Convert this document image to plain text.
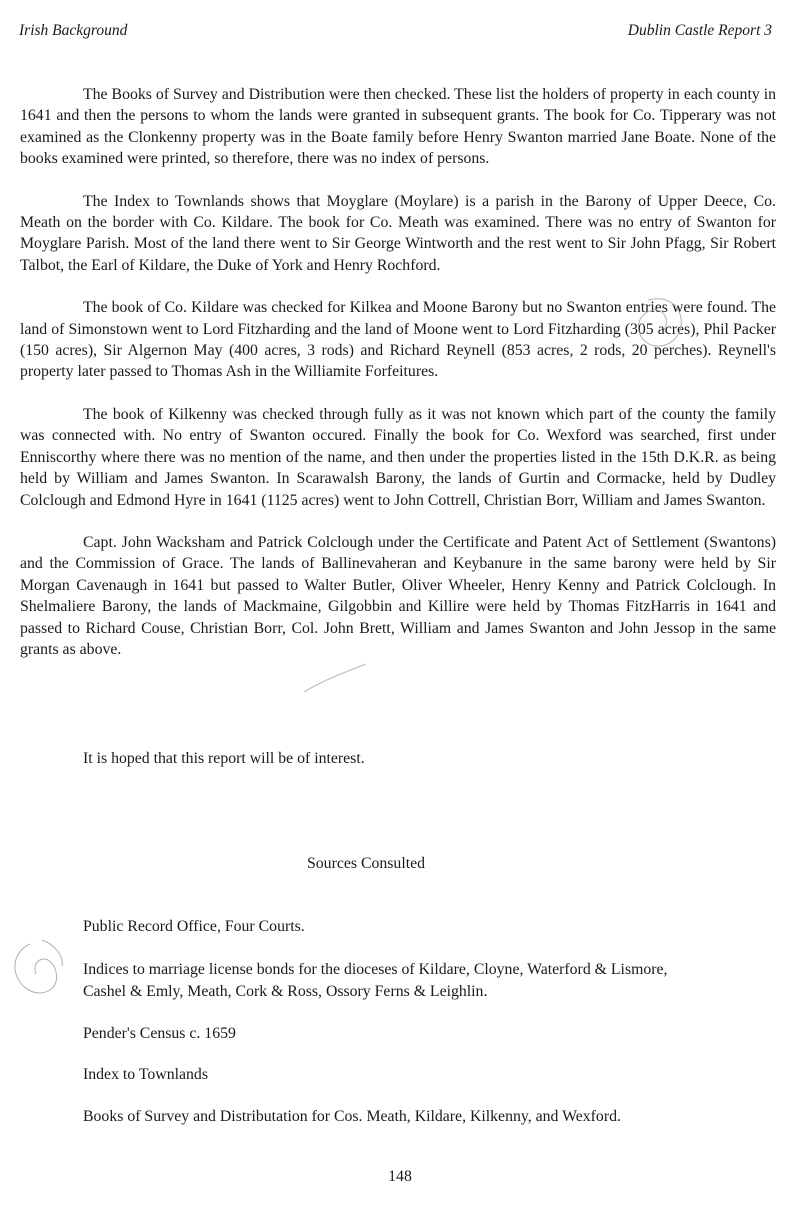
Irish Background	Dublin Castle Report 3

The Books of Survey and Distribution were then checked. These list the holders of property in each county in 1641 and then the persons to whom the lands were granted in subsequent grants. The book for Co. Tipperary was not examined as the Clonkenny property was in the Boate family before Henry Swanton married Jane Boate. None of the books examined were printed, so therefore, there was no index of persons.

The Index to Townlands shows that Moyglare (Moylare) is a parish in the Barony of Upper Deece, Co. Meath on the border with Co. Kildare. The book for Co. Meath was examined. There was no entry of Swanton for Moyglare Parish. Most of the land there went to Sir George Wintworth and the rest went to Sir John Pfagg, Sir Robert Talbot, the Earl of Kildare, the Duke of York and Henry Rochford.

The book of Co. Kildare was checked for Kilkea and Moone Barony but no Swanton entries were found. The land of Simonstown went to Lord Fitzharding and the land of Moone went to Lord Fitzharding (305 acres), Phil Packer (150 acres), Sir Algernon May (400 acres, 3 rods) and Richard Reynell (853 acres, 2 rods, 20 perches). Reynell's property later passed to Thomas Ash in the Williamite Forfeitures.

The book of Kilkenny was checked through fully as it was not known which part of the county the family was connected with. No entry of Swanton occured. Finally the book for Co. Wexford was searched, first under Enniscorthy where there was no mention of the name, and then under the properties listed in the 15th D.K.R. as being held by William and James Swanton. In Scarawalsh Barony, the lands of Gurtin and Cormacke, held by Dudley Colclough and Edmond Hyre in 1641 (1125 acres) went to John Cottrell, Christian Borr, William and James Swanton.

Capt. John Wacksham and Patrick Colclough under the Certificate and Patent Act of Settlement (Swantons) and the Commission of Grace. The lands of Ballinevaheran and Keybanure in the same barony were held by Sir Morgan Cavenaugh in 1641 but passed to Walter Butler, Oliver Wheeler, Henry Kenny and Patrick Colclough. In Shelmaliere Barony, the lands of Mackmaine, Gilgobbin and Killire were held by Thomas FitzHarris in 1641 and passed to Richard Couse, Christian Borr, Col. John Brett, William and James Swanton and John Jessop in the same grants as above.

It is hoped that this report will be of interest.
Sources Consulted
Public Record Office, Four Courts.
Indices to marriage license bonds for the dioceses of Kildare, Cloyne, Waterford & Lismore,
Cashel & Emly, Meath, Cork & Ross, Ossory Ferns & Leighlin.
Pender's Census c. 1659
Index to Townlands
Books of Survey and Distributation for Cos. Meath, Kildare, Kilkenny, and Wexford.
148
